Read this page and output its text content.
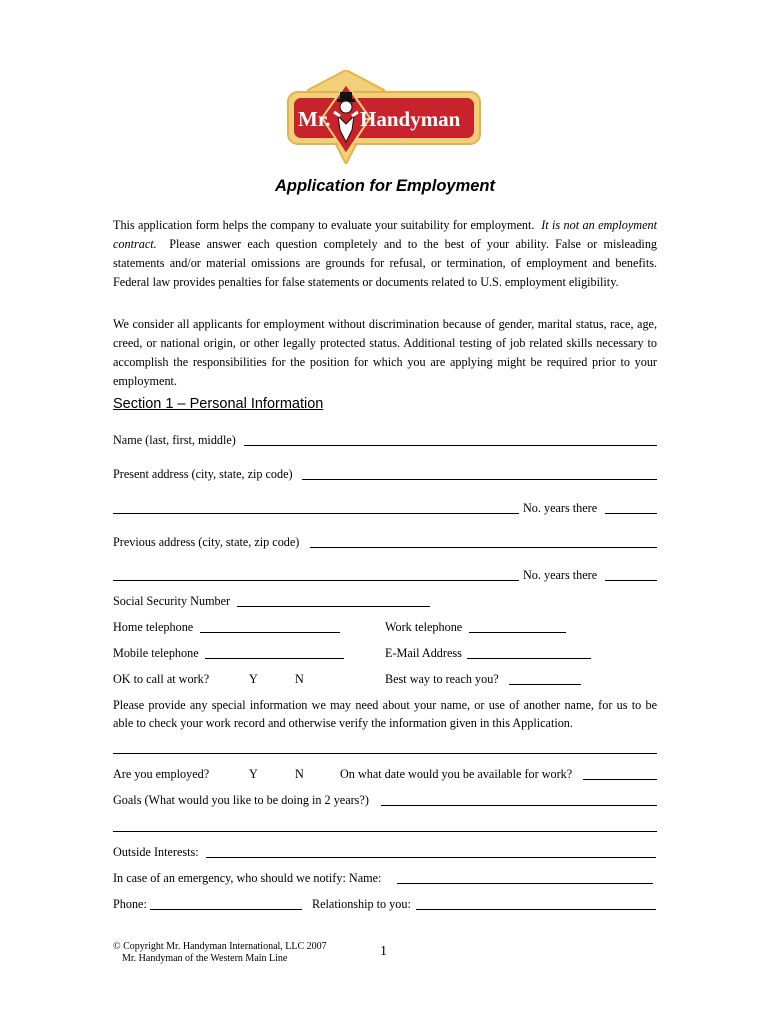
Mr. Handyman
Application for Employment

This application form helps the company to evaluate your suitability for employment. It is not an employment contract. Please answer each question completely and to the best of your ability. False or misleading statements and/or material omissions are grounds for refusal, or termination, of employment and benefits. Federal law provides penalties for false statements or documents related to U.S. employment eligibility.

We consider all applicants for employment without discrimination because of gender, marital status, race, age, creed, or national origin, or other legally protected status. Additional testing of job related skills necessary to accomplish the responsibilities for the position for which you are applying might be required prior to your employment.

Section 1 – Personal Information
Name (last, first, middle)
Present address (city, state, zip code)
No. years there
Previous address (city, state, zip code)
No. years there
Social Security Number
Home telephone	Work telephone
Mobile telephone	E-Mail Address
OK to call at work?	Y	N	Best way to reach you?

Please provide any special information we may need about your name, or use of another name, for us to be able to check your work record and otherwise verify the information given in this Application.

Are you employed?	Y	N	On what date would you be available for work?
Goals (What would you like to be doing in 2 years?)
Outside Interests:
In case of an emergency, who should we notify: Name:
Phone:	Relationship to you:
© Copyright Mr. Handyman International, LLC 2007
Mr. Handyman of the Western Main Line	1
